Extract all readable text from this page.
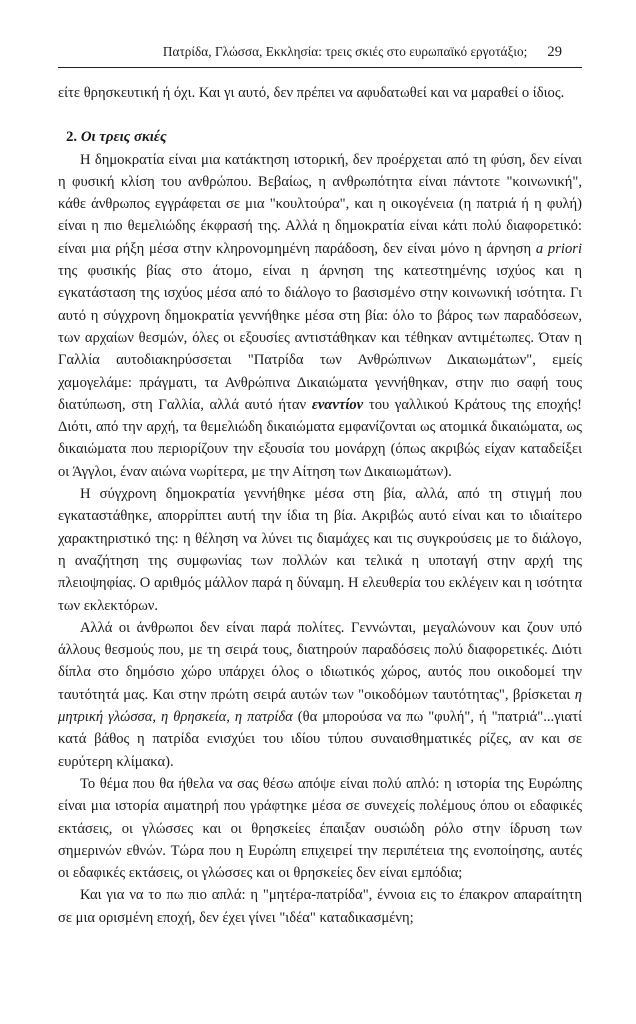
Πατρίδα, Γλώσσα, Εκκλησία: τρεις σκιές στο ευρωπαϊκό εργοτάξιο; 29

είτε θρησκευτική ή όχι. Και γι αυτό, δεν πρέπει να αφυδατωθεί και να μαραθεί ο ίδιος.

2. Οι τρεις σκιές

Η δημοκρατία είναι μια κατάκτηση ιστορική, δεν προέρχεται από τη φύση, δεν είναι η φυσική κλίση του ανθρώπου. Βεβαίως, η ανθρωπότητα είναι πάντοτε "κοινωνική", κάθε άνθρωπος εγγράφεται σε μια "κουλτούρα", και η οικογένεια (η πατριά ή η φυλή) είναι η πιο θεμελιώδης έκφρασή της. Αλλά η δημοκρατία είναι κάτι πολύ διαφορετικό: είναι μια ρήξη μέσα στην κληρονομημένη παράδοση, δεν είναι μόνο η άρνηση a priori της φυσικής βίας στο άτομο, είναι η άρνηση της κατεστημένης ισχύος και η εγκατάσταση της ισχύος μέσα από το διάλογο το βασισμένο στην κοινωνική ισότητα. Γι αυτό η σύγχρονη δημοκρατία γεννήθηκε μέσα στη βία: όλο το βάρος των παραδόσεων, των αρχαίων θεσμών, όλες οι εξουσίες αντιστάθηκαν και τέθηκαν αντιμέτωπες. Όταν η Γαλλία αυτοδιακηρύσσεται "Πατρίδα των Ανθρώπινων Δικαιωμάτων", εμείς χαμογελάμε: πράγματι, τα Ανθρώπινα Δικαιώματα γεννήθηκαν, στην πιο σαφή τους διατύπωση, στη Γαλλία, αλλά αυτό ήταν εναντίον του γαλλικού Κράτους της εποχής! Διότι, από την αρχή, τα θεμελιώδη δικαιώματα εμφανίζονται ως ατομικά δικαιώματα, ως δικαιώματα που περιορίζουν την εξουσία του μονάρχη (όπως ακριβώς είχαν καταδείξει οι Άγγλοι, έναν αιώνα νωρίτερα, με την Αίτηση των Δικαιωμάτων).

Η σύγχρονη δημοκρατία γεννήθηκε μέσα στη βία, αλλά, από τη στιγμή που εγκαταστάθηκε, απορρίπτει αυτή την ίδια τη βία. Ακριβώς αυτό είναι και το ιδιαίτερο χαρακτηριστικό της: η θέληση να λύνει τις διαμάχες και τις συγκρούσεις με το διάλογο, η αναζήτηση της συμφωνίας των πολλών και τελικά η υποταγή στην αρχή της πλειοψηφίας. Ο αριθμός μάλλον παρά η δύναμη. Η ελευθερία του εκλέγειν και η ισότητα των εκλεκτόρων.

Αλλά οι άνθρωποι δεν είναι παρά πολίτες. Γεννώνται, μεγαλώνουν και ζουν υπό άλλους θεσμούς που, με τη σειρά τους, διατηρούν παραδόσεις πολύ διαφορετικές. Διότι δίπλα στο δημόσιο χώρο υπάρχει όλος ο ιδιωτικός χώρος, αυτός που οικοδομεί την ταυτότητά μας. Και στην πρώτη σειρά αυτών των "οικοδόμων ταυτότητας", βρίσκεται η μητρική γλώσσα, η θρησκεία, η πατρίδα (θα μπορούσα να πω "φυλή", ή "πατριά"...γιατί κατά βάθος η πατρίδα ενισχύει του ιδίου τύπου συναισθηματικές ρίζες, αν και σε ευρύτερη κλίμακα).

Το θέμα που θα ήθελα να σας θέσω απόψε είναι πολύ απλό: η ιστορία της Ευρώπης είναι μια ιστορία αιματηρή που γράφτηκε μέσα σε συνεχείς πολέμους όπου οι εδαφικές εκτάσεις, οι γλώσσες και οι θρησκείες έπαιξαν ουσιώδη ρόλο στην ίδρυση των σημερινών εθνών. Τώρα που η Ευρώπη επιχειρεί την περιπέτεια της ενοποίησης, αυτές οι εδαφικές εκτάσεις, οι γλώσσες και οι θρησκείες δεν είναι εμπόδια;

Και για να το πω πιο απλά: η "μητέρα-πατρίδα", έννοια εις το έπακρον απαραίτητη σε μια ορισμένη εποχή, δεν έχει γίνει "ιδέα" καταδικασμένη;
